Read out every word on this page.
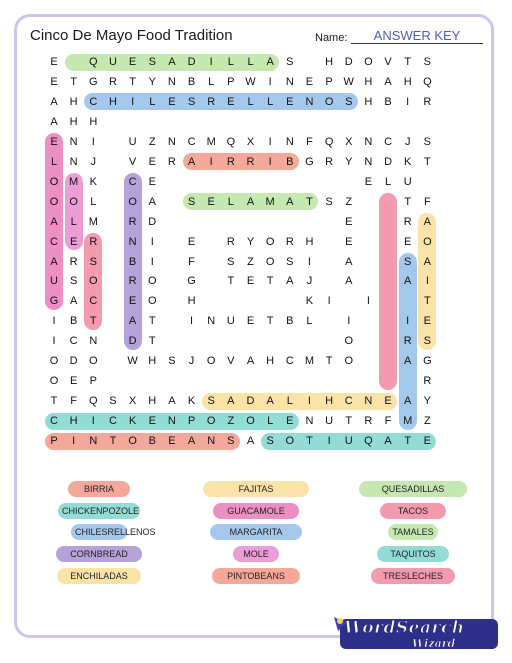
Cinco De Mayo Food Tradition	Name:	ANSWER KEY
E	Q	U	E	S	A	D	I	L	L	A	S	H	D	O	V	T	S
E	T	G	R	T	Y	N	B	L	P W	I	N	E	P W H	A	H	Q
A	H	C	H	I	L	E	S	R	E	L	L	E	N	O	S	H	B	I	R
A	H	H
E	N	I	U	Z	N	C	M Q	X	I	N	F	Q	X	N	C	J	S
L	N	J	V	E	R	A	I	R	R	I	B	G	R	Y	N	D	K	T
O M	K	C	E	E	L	U
O	O	L	O	A	S	E	L	A	M	A	T	S	Z	T	F
A	L	M	R	D	E	R	A
C	E	R	N	I	E	R	Y	O	R	H	E	E	O
A	R	S	B	I	F	S	Z	O	S	I	A	S	A
U	S	O	R	O	G	T	E	T	A	J	A	A	I
G	A	C	E	O	H	K	I	I	T
I	B	T	A	T	I	N	U	E	T	B	L	I	I	E
I	C	N	D	T	O	R	S
O	D	O	W H	S	J	O	V	A	H	C	M	T	O	A	G
O	E	P	R
T	F	Q	S	X	H	A	K	S	A	D	A	L	I	H	C	N	E	A	Y
C	H	I	C	K	E	N	P	O	Z	O	L	E	N	U	T	R	F	M	Z
P	I	N	T	O	B	E	A	N	S	A	S	O	T	I	U	Q	A	T	E
BIRRIA	FAJITAS	QUESADILLAS
CHICKENPOZOLE	GUACAMOLE	TACOS
CHILESRELLENOS	MARGARITA	TAMALES
CORNBREAD	MOLE	TAQUITOS
ENCHILADAS	PINTOBEANS	TRESLECHES
WordSearch
Wizard
